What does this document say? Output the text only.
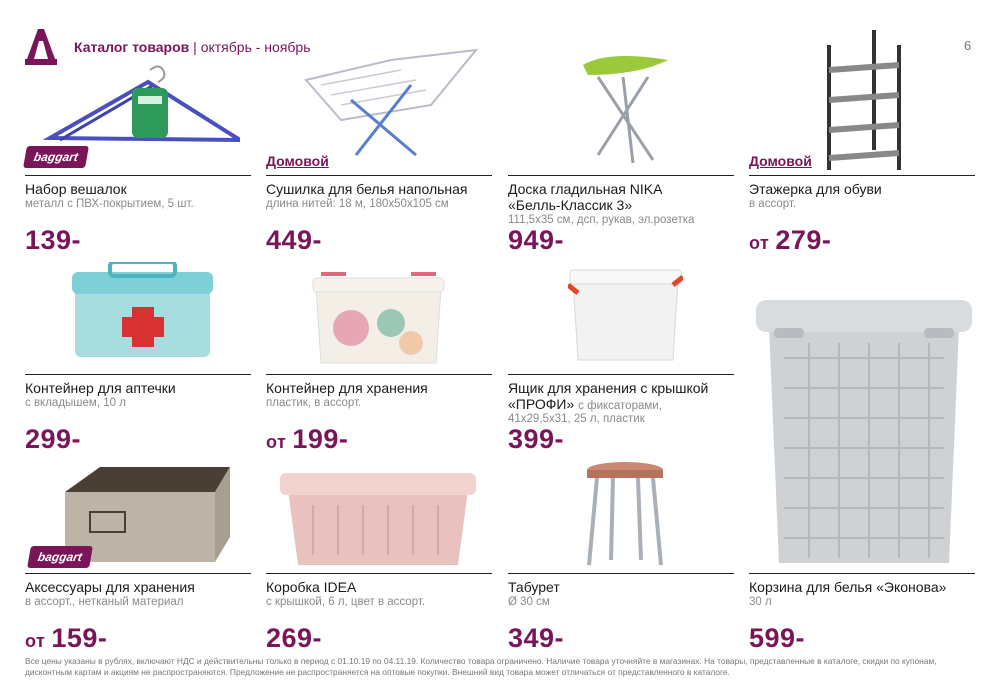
Каталог товаров | октябрь - ноябрь	6
baggart
Набор вешалок
металл с ПВХ-покрытием, 5 шт.
139-
Домовой
Сушилка для белья напольная
длина нитей: 18 м, 180х50х105 см
449-
Доска гладильная NIKA «Белль-Классик 3»
111,5х35 см, дсп, рукав, эл.розетка
949-
Домовой
Этажерка для обуви
в ассорт.
от 279-
Контейнер для аптечки
с вкладышем, 10 л
299-
Контейнер для хранения
пластик, в ассорт.
от 199-
Ящик для хранения с крышкой «ПРОФИ» с фиксаторами,
41х29,5х31, 25 л, пластик
399-
baggart
Аксессуары для хранения
в ассорт., нетканый материал
от 159-
Коробка IDEA
с крышкой, 6 л, цвет в ассорт.
269-
Табурет
Ø 30 см
349-
Корзина для белья «Эконова»
30 л
599-
Все цены указаны в рублях, включают НДС и действительны только в период с 01.10.19 по 04.11.19. Количество товара ограничено. Наличие товара уточняйте в магазинах. На товары, представленные в каталоге, скидки по купонам, дисконтным картам и акциям не распространяются. Предложение не распространяется на оптовые покупки. Внешний вид товара может отличаться от представленного в каталоге.
